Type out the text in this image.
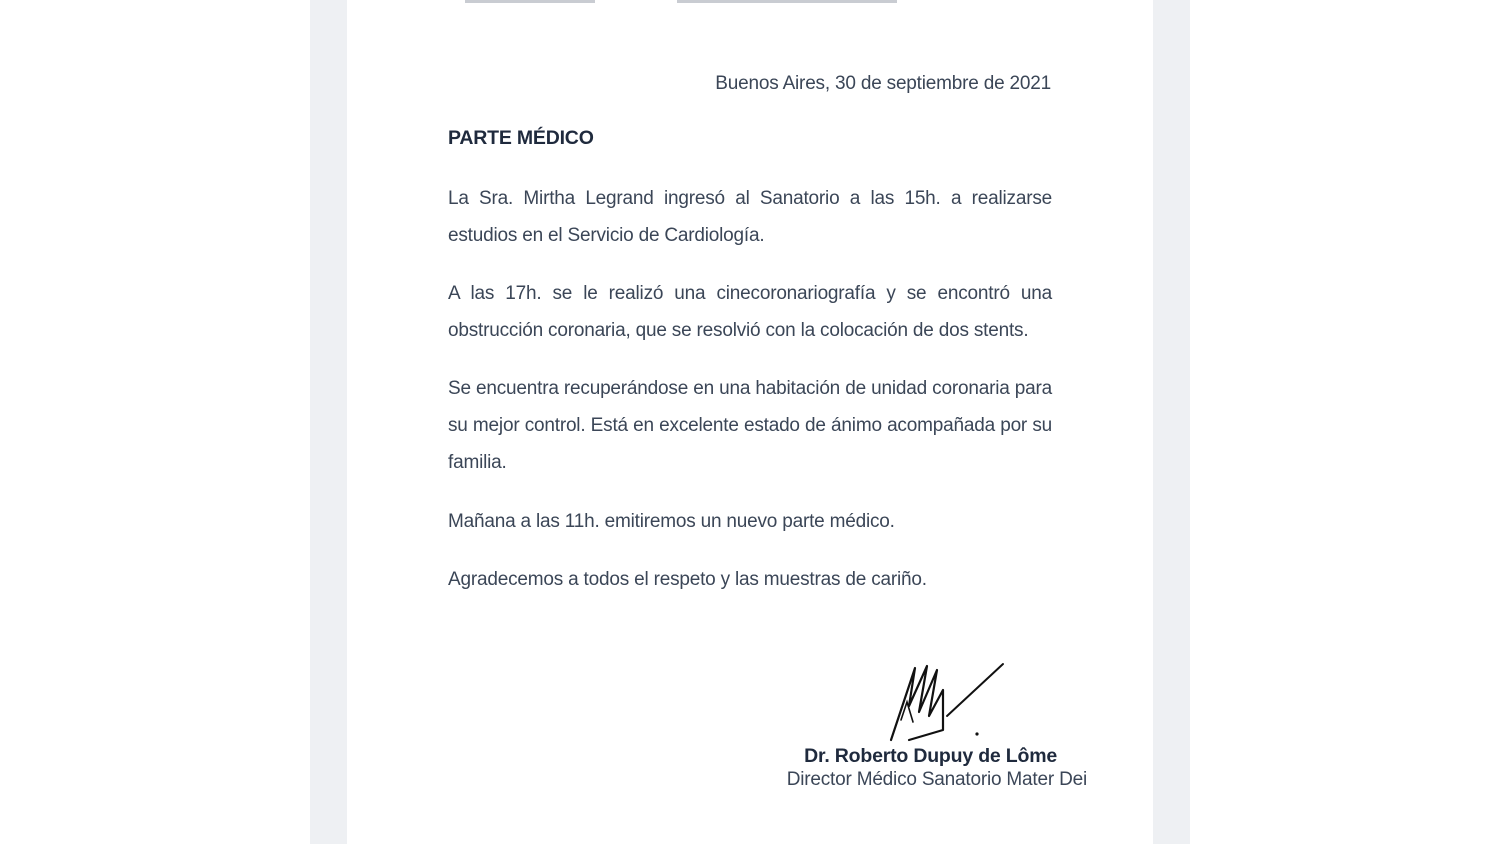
Buenos Aires, 30 de septiembre de 2021
PARTE MÉDICO

La Sra. Mirtha Legrand ingresó al Sanatorio a las 15h. a realizarse estudios en el Servicio de Cardiología.

A las 17h. se le realizó una cinecoronariografía y se encontró una obstrucción coronaria, que se resolvió con la colocación de dos stents.

Se encuentra recuperándose en una habitación de unidad coronaria para su mejor control. Está en excelente estado de ánimo acompañada por su familia.

Mañana a las 11h. emitiremos un nuevo parte médico.

Agradecemos a todos el respeto y las muestras de cariño.

Dr. Roberto Dupuy de Lôme
Director Médico Sanatorio Mater Dei
